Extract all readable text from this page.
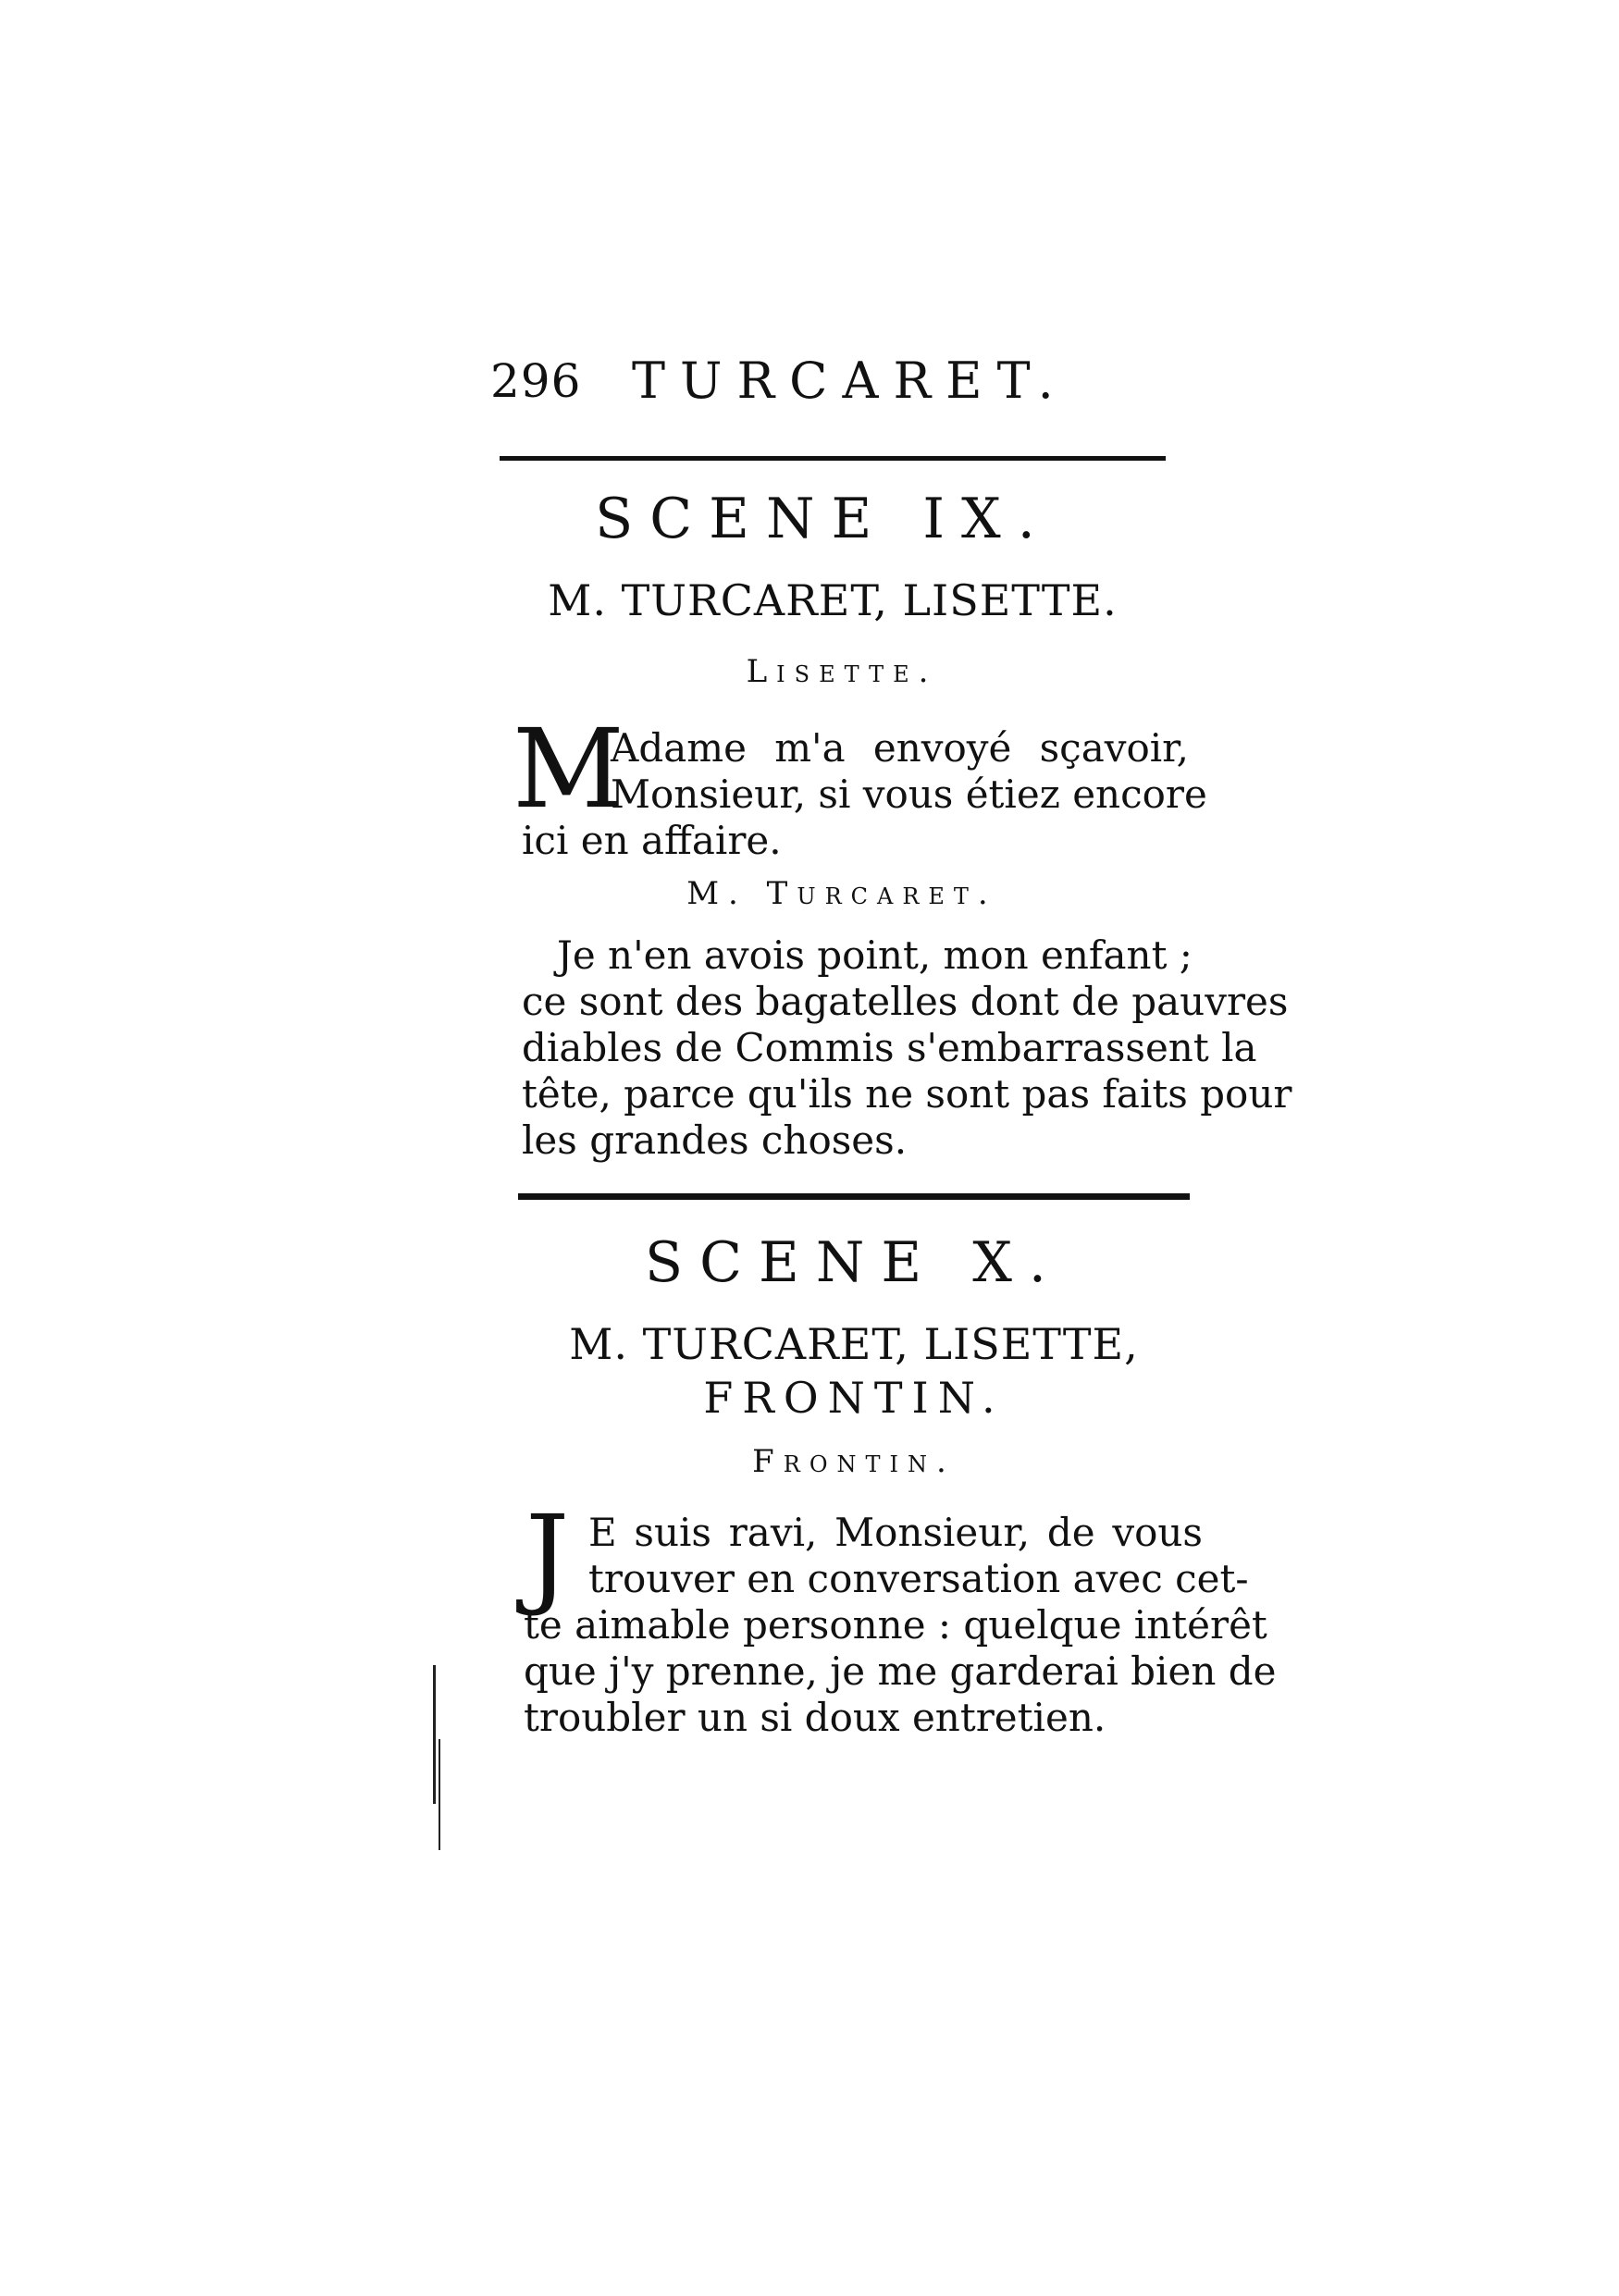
296 TURCARET.
SCENE IX.
M. TURCARET, LISETTE.
Lisette.
M
Adame m'a envoyé sçavoir,
Monsieur, si vous étiez encore
ici en affaire.
M. Turcaret.
Je n'en avois point, mon enfant ;
ce sont des bagatelles dont de pauvres
diables de Commis s'embarrassent la
tête, parce qu'ils ne sont pas faits pour
les grandes choses.
SCENE X.
M. TURCARET, LISETTE,
FRONTIN.
Frontin.
J E suis ravi, Monsieur, de vous
trouver en conversation avec cet-
te aimable personne : quelque intérêt
que j'y prenne, je me garderai bien de
troubler un si doux entretien.
